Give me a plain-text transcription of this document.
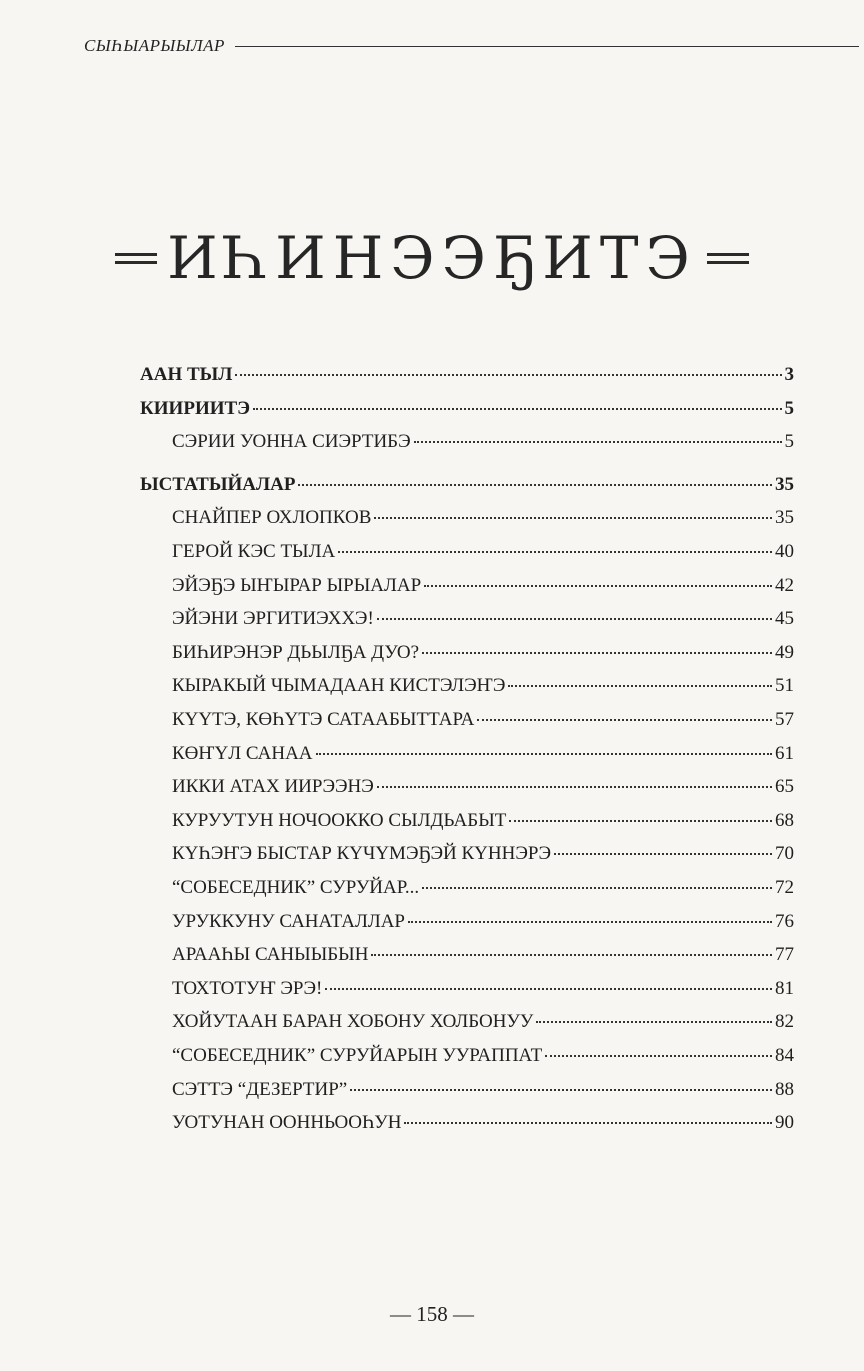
СЫҺЫАРЫЫЛАР
ИҺИНЭЭҔИТЭ
ААН ТЫЛ	3
КИИРИИТЭ	5
СЭРИИ УОННА СИЭРТИБЭ	5
ЫСТАТЫЙАЛАР	35
СНАЙПЕР ОХЛОПКОВ	35
ГЕРОЙ КЭС ТЫЛА	40
ЭЙЭҔЭ ЫҤЫРАР ЫРЫАЛАР	42
ЭЙЭНИ ЭРГИТИЭХХЭ!	45
БИҺИРЭНЭР ДЬЫЛҔА ДУО?	49
КЫРАКЫЙ ЧЫМАДААН КИСТЭЛЭҤЭ	51
КҮҮТЭ, КӨҺҮТЭ САТААБЫТТАРА	57
КӨҤҮЛ САНАА	61
ИККИ АТАХ ИИРЭЭНЭ	65
КУРУУТУН НОЧООККО СЫЛДЬАБЫТ	68
КҮҺЭҤЭ БЫСТАР КҮЧҮМЭҔЭЙ КҮННЭРЭ	70
“СОБЕСЕДНИК” СУРУЙАР...	72
УРУККУНУ САНАТАЛЛАР	76
АРААҺЫ САНЫЫБЫН	77
ТОХТОТУҤ ЭРЭ!	81
ХОЙУТААН БАРАН ХОБОНУ ХОЛБОНУУ	82
“СОБЕСЕДНИК” СУРУЙАРЫН УУРАППАТ	84
СЭТТЭ “ДЕЗЕРТИР”	88
УОТУНАН ООННЬООҺУН	90
— 158 —
